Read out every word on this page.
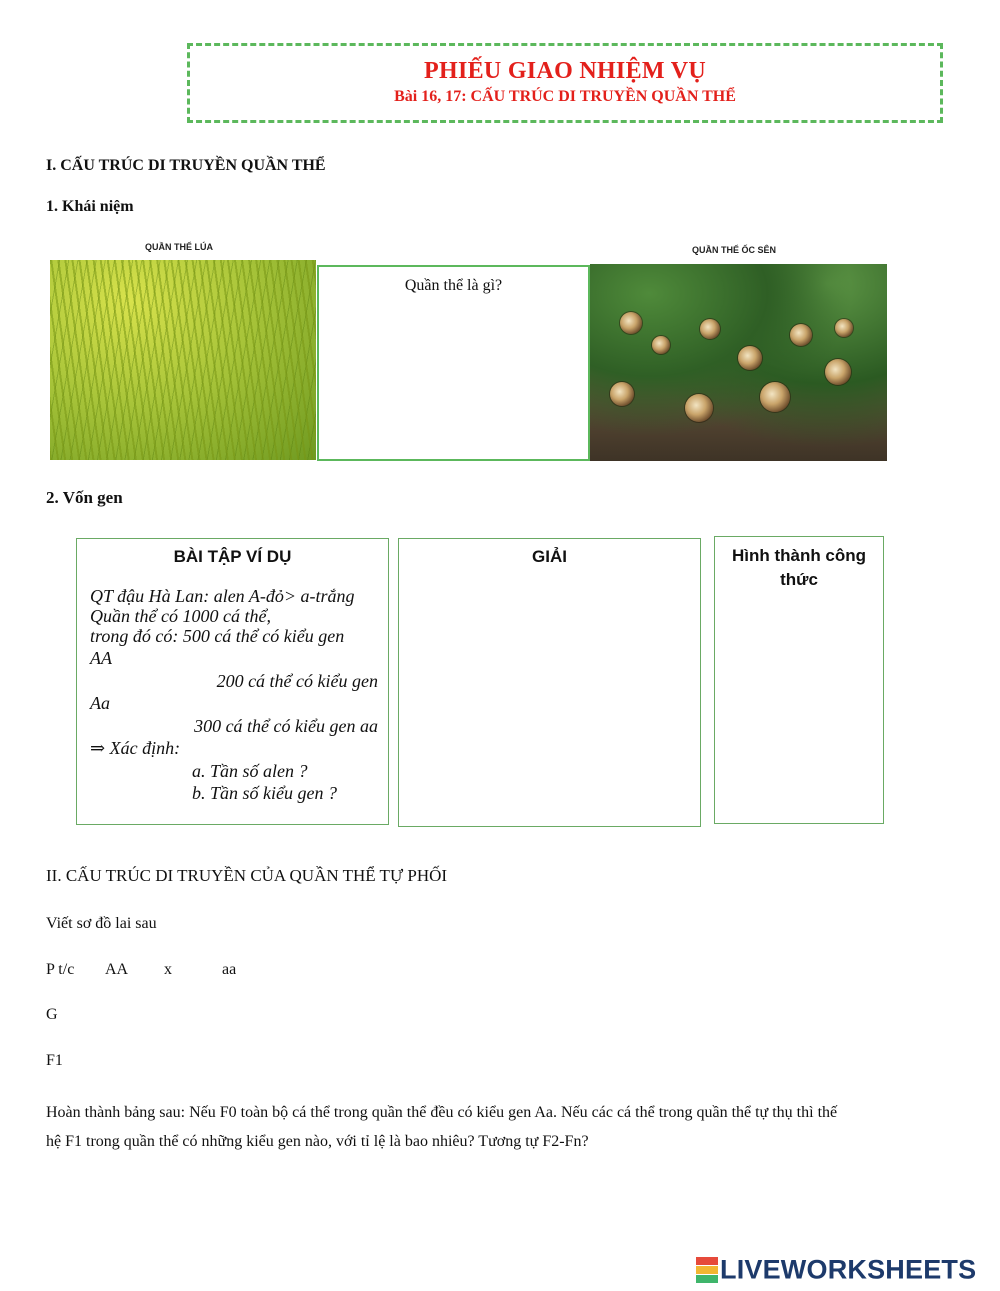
PHIẾU GIAO NHIỆM VỤ
Bài 16, 17: CẤU TRÚC DI TRUYỀN QUẦN THỂ
I. CẤU TRÚC DI TRUYỀN QUẦN THỂ
1. Khái niệm
QUẦN THỂ LÚA
Quần thể là gì?
QUẦN THỂ ỐC SÊN
2. Vốn gen
BÀI TẬP VÍ DỤ
QT đậu Hà Lan: alen A-đỏ> a-trắng
Quần thể có 1000 cá thể,
trong đó có: 500 cá thể có kiểu gen
AA
200 cá thể có kiểu gen
Aa
300 cá thể có kiểu gen aa
⇒ Xác định:
a. Tần số alen ?
b. Tần số kiểu gen ?
GIẢI	Hình thành công
thức
II. CẤU TRÚC DI TRUYỀN CỦA QUẦN THỂ TỰ PHỐI
Viết sơ đồ lai sau
P t/c AA x	aa
G
F1
Hoàn thành bảng sau: Nếu F0 toàn bộ cá thể trong quần thể đều có kiểu gen Aa. Nếu các cá thể trong quần thể tự thụ thì thế
hệ F1 trong quần thể có những kiểu gen nào, với tỉ lệ là bao nhiêu? Tương tự F2-Fn?
LIVEWORKSHEETS
